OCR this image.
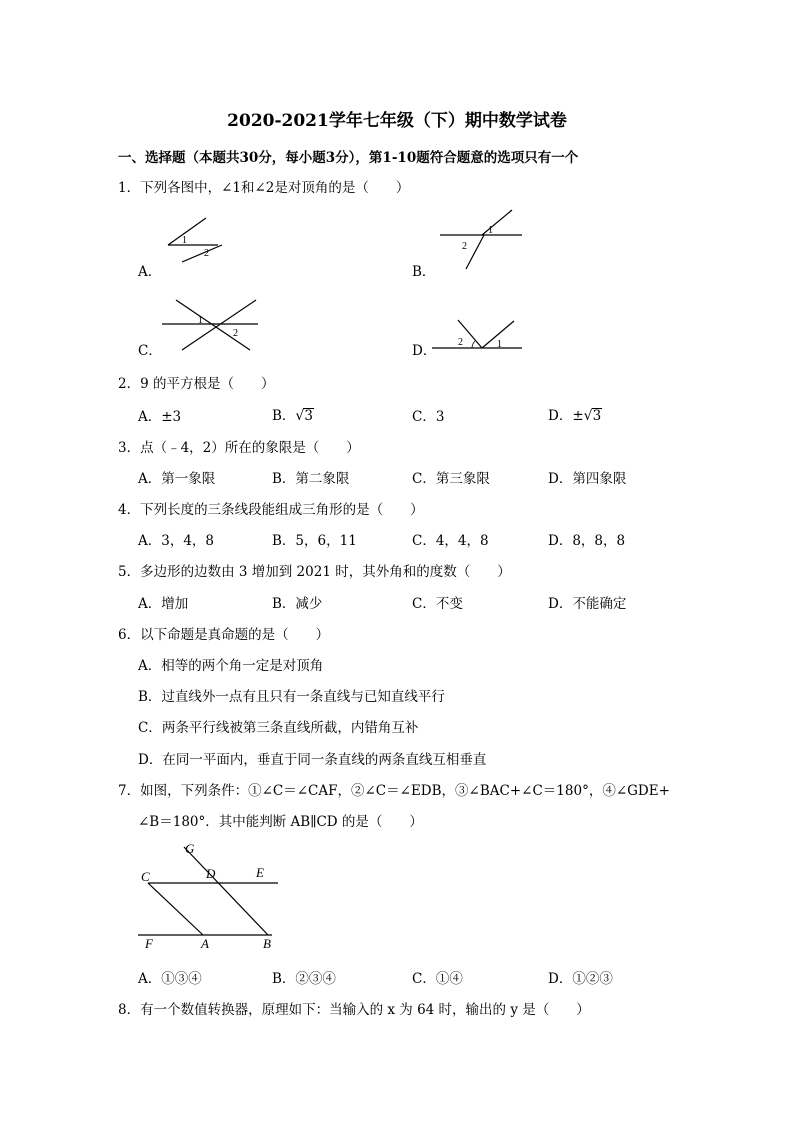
2020-2021学年七年级（下）期中数学试卷
一、选择题（本题共30分，每小题3分），第1-10题符合题意的选项只有一个
1．下列各图中，∠1和∠2是对顶角的是（　　）
A．
1
2
B．
2
1
C．
1
2
D．
2	1
2．9 的平方根是（　　）
A．±3	B．√3	C．3	D．±√3
3．点（﹣4，2）所在的象限是（　　）
A．第一象限	B．第二象限	C．第三象限	D．第四象限
4．下列长度的三条线段能组成三角形的是（　　）
A．3，4，8	B．5，6，11	C．4，4，8	D．8，8，8
5．多边形的边数由 3 增加到 2021 时，其外角和的度数（　　）
A．增加	B．减少	C．不变	D．不能确定
6．以下命题是真命题的是（　　）
A．相等的两个角一定是对顶角
B．过直线外一点有且只有一条直线与已知直线平行
C．两条平行线被第三条直线所截，内错角互补
D．在同一平面内，垂直于同一条直线的两条直线互相垂直
7．如图，下列条件：①∠C＝∠CAF，②∠C＝∠EDB，③∠BAC+∠C＝180°，④∠GDE+
∠B＝180°．其中能判断 AB∥CD 的是（　　）
G
C	D	E
F	A	B
A．①③④	B．②③④	C．①④	D．①②③
8．有一个数值转换器，原理如下：当输入的 x 为 64 时，输出的 y 是（　　）
